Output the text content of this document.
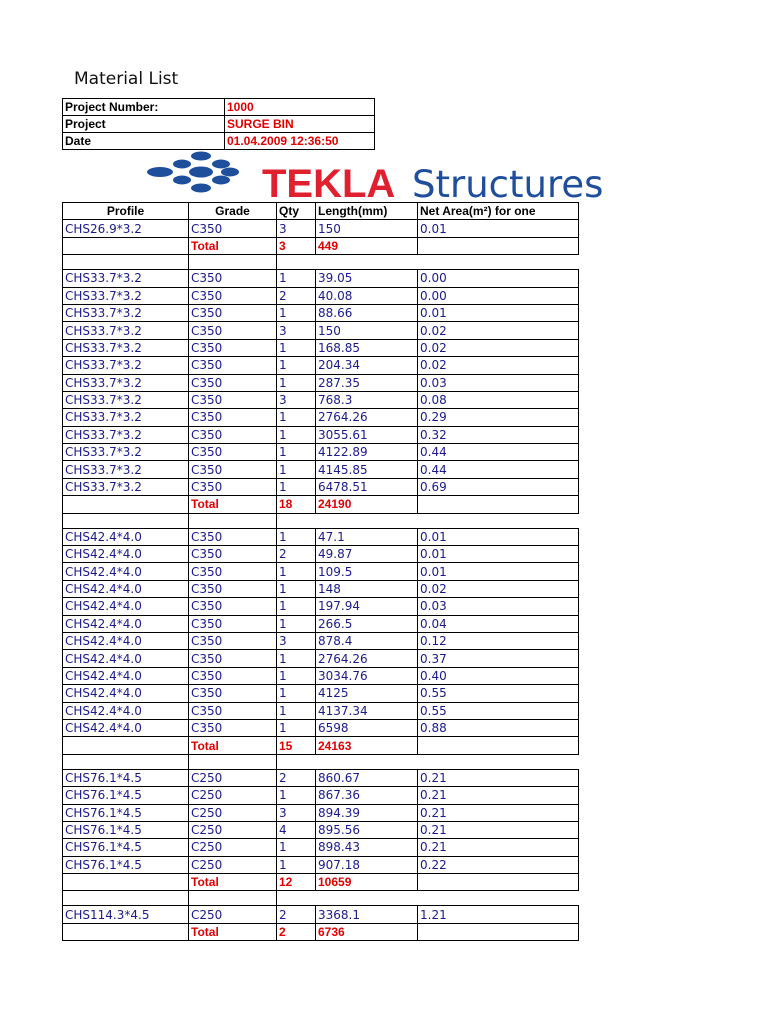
Material List
Project Number:	1000
Project	SURGE BIN
Date	01.04.2009 12:36:50
TEKLA Structures
Profile	Grade	Qty	Length(mm)	Net Area(m²) for one
CHS26.9*3.2	C350	3	150	0.01
	Total	3	449	

CHS33.7*3.2	C350	1	39.05	0.00
CHS33.7*3.2	C350	2	40.08	0.00
CHS33.7*3.2	C350	1	88.66	0.01
CHS33.7*3.2	C350	3	150	0.02
CHS33.7*3.2	C350	1	168.85	0.02
CHS33.7*3.2	C350	1	204.34	0.02
CHS33.7*3.2	C350	1	287.35	0.03
CHS33.7*3.2	C350	3	768.3	0.08
CHS33.7*3.2	C350	1	2764.26	0.29
CHS33.7*3.2	C350	1	3055.61	0.32
CHS33.7*3.2	C350	1	4122.89	0.44
CHS33.7*3.2	C350	1	4145.85	0.44
CHS33.7*3.2	C350	1	6478.51	0.69
	Total	18	24190	

CHS42.4*4.0	C350	1	47.1	0.01
CHS42.4*4.0	C350	2	49.87	0.01
CHS42.4*4.0	C350	1	109.5	0.01
CHS42.4*4.0	C350	1	148	0.02
CHS42.4*4.0	C350	1	197.94	0.03
CHS42.4*4.0	C350	1	266.5	0.04
CHS42.4*4.0	C350	3	878.4	0.12
CHS42.4*4.0	C350	1	2764.26	0.37
CHS42.4*4.0	C350	1	3034.76	0.40
CHS42.4*4.0	C350	1	4125	0.55
CHS42.4*4.0	C350	1	4137.34	0.55
CHS42.4*4.0	C350	1	6598	0.88
	Total	15	24163	

CHS76.1*4.5	C250	2	860.67	0.21
CHS76.1*4.5	C250	1	867.36	0.21
CHS76.1*4.5	C250	3	894.39	0.21
CHS76.1*4.5	C250	4	895.56	0.21
CHS76.1*4.5	C250	1	898.43	0.21
CHS76.1*4.5	C250	1	907.18	0.22
	Total	12	10659	

CHS114.3*4.5	C250	2	3368.1	1.21
	Total	2	6736	
